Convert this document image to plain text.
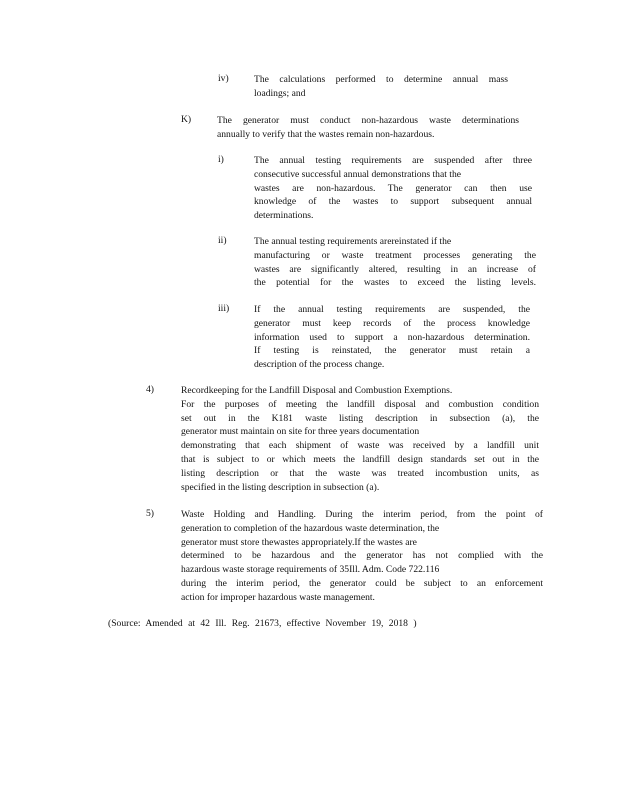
iv)	The calculations performed to determine annual mass
loadings; and
K)	The generator must conduct non-hazardous waste determinations
annually to verify that the wastes remain non-hazardous.
i)	The annual testing requirements are suspended after three
consecutive successful annual demonstrations that the
wastes are non-hazardous. The generator can then use
knowledge of the wastes to support subsequent annual
determinations.
ii)	The annual testing requirements arereinstated if the
manufacturing or waste treatment processes generating the
wastes are significantly altered, resulting in an increase of
the potential for the wastes to exceed the listing levels.
iii)	If the annual testing requirements are suspended, the
generator must keep records of the process knowledge
information used to support a non-hazardous determination.
If testing is reinstated, the generator must retain a
description of the process change.
4)	Recordkeeping for the Landfill Disposal and Combustion Exemptions.
For the purposes of meeting the landfill disposal and combustion condition
set out in the K181 waste listing description in subsection (a), the
generator must maintain on site for three years documentation
demonstrating that each shipment of waste was received by a landfill unit
that is subject to or which meets the landfill design standards set out in the
listing description or that the waste was treated incombustion units, as
specified in the listing description in subsection (a).
5)	Waste Holding and Handling. During the interim period, from the point of
generation to completion of the hazardous waste determination, the
generator must store thewastes appropriately.If the wastes are
determined to be hazardous and the generator has not complied with the
hazardous waste storage requirements of 35Ill. Adm. Code 722.116
during the interim period, the generator could be subject to an enforcement
action for improper hazardous waste management.
(Source: Amended at 42 Ill. Reg. 21673, effective November 19, 2018 )
